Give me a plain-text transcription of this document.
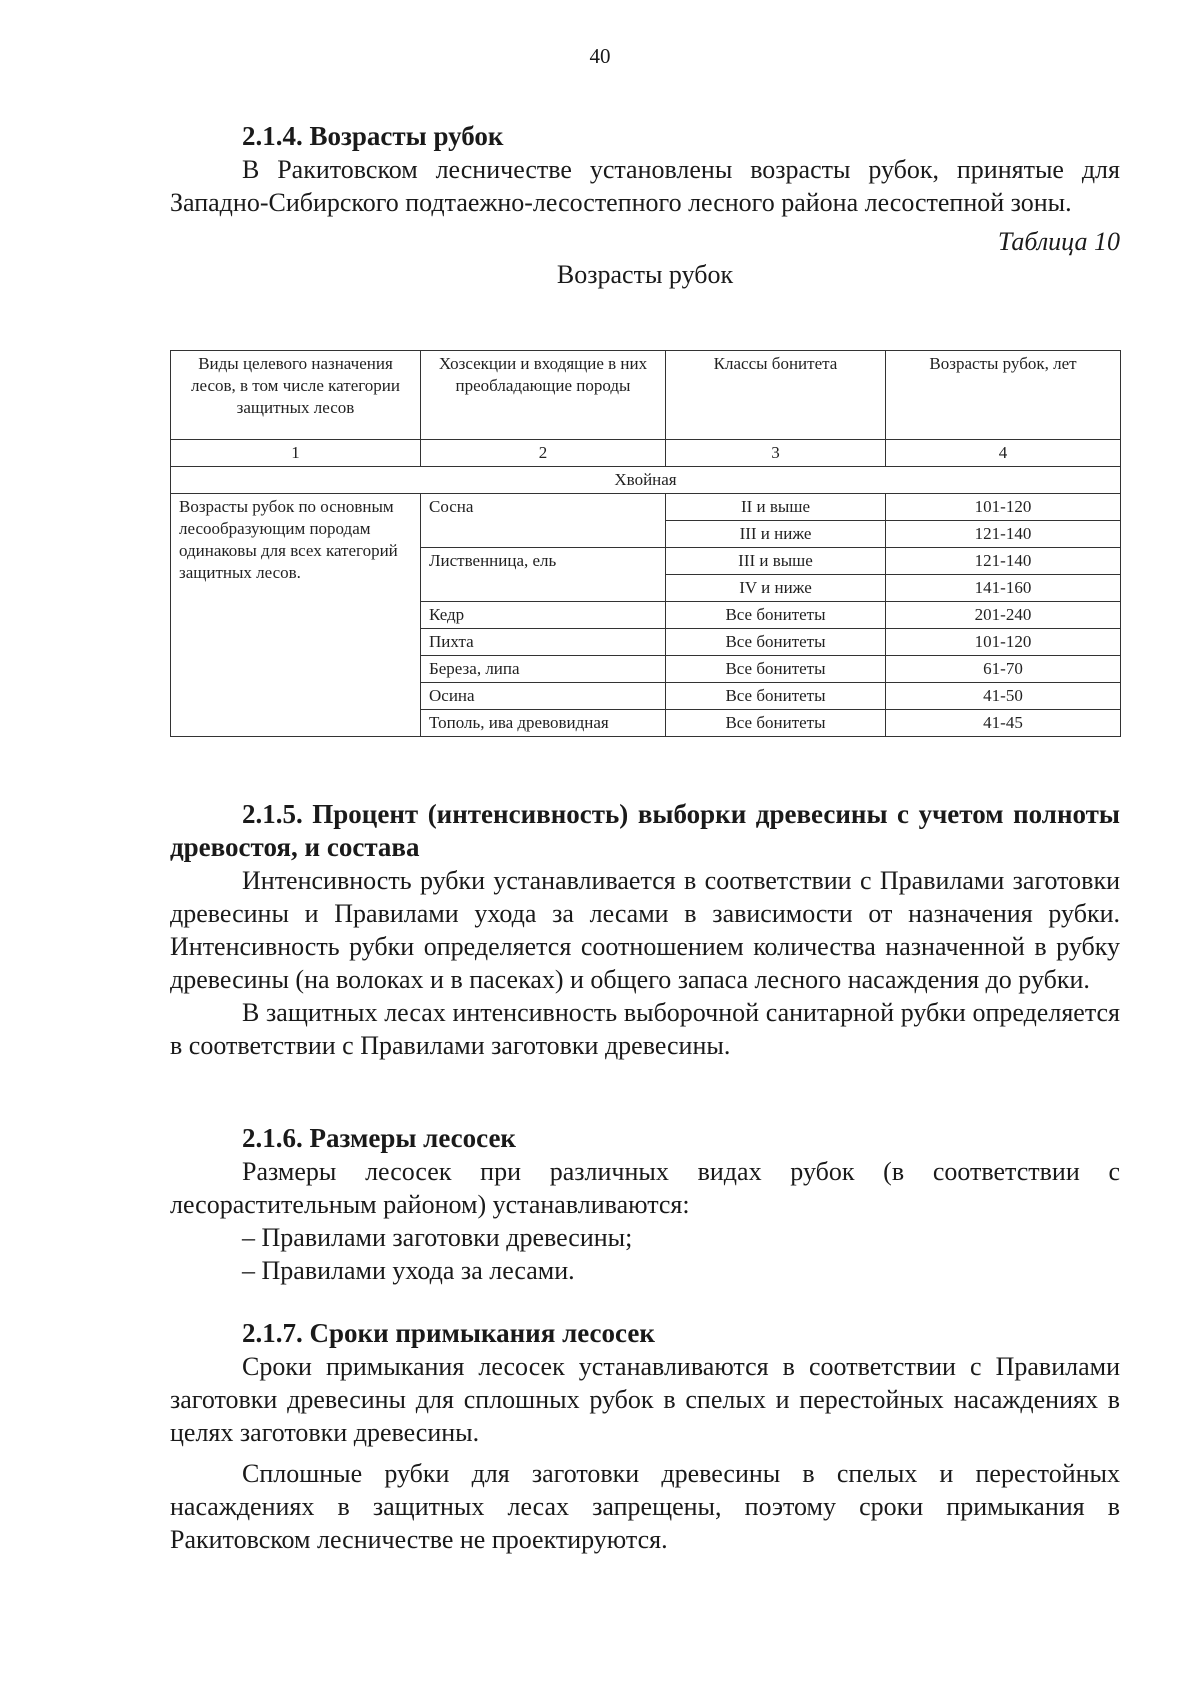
40

2.1.4. Возрасты рубок

В Ракитовском лесничестве установлены возрасты рубок, принятые для Западно-Сибирского подтаежно-лесостепного лесного района лесостепной зоны.

Таблица 10

Возрасты рубок

Виды целевого назначения лесов, в том числе категории защитных лесов	Хозсекции и входящие в них преобладающие породы	Классы бонитета	Возрасты рубок, лет
1	2	3	4
Хвойная			
Возрасты рубок по основным лесообразующим породам одинаковы для всех категорий защитных лесов.	Сосна	II и выше	101-120
		III и ниже	121-140
	Лиственница, ель	III и выше	121-140
		IV и ниже	141-160
	Кедр	Все бонитеты	201-240
	Пихта	Все бонитеты	101-120
	Береза, липа	Все бонитеты	61-70
	Осина	Все бонитеты	41-50
	Тополь, ива древовидная	Все бонитеты	41-45

2.1.5. Процент (интенсивность) выборки древесины с учетом полноты древостоя, и состава

Интенсивность рубки устанавливается в соответствии с Правилами заготовки древесины и Правилами ухода за лесами в зависимости от назначения рубки. Интенсивность рубки определяется соотношением количества назначенной в рубку древесины (на волоках и в пасеках) и общего запаса лесного насаждения до рубки.

В защитных лесах интенсивность выборочной санитарной рубки определяется в соответствии с Правилами заготовки древесины.

2.1.6. Размеры лесосек

Размеры лесосек при различных видах рубок (в соответствии с лесорастительным районом) устанавливаются:

– Правилами заготовки древесины;

– Правилами ухода за лесами.

2.1.7. Сроки примыкания лесосек

Сроки примыкания лесосек устанавливаются в соответствии с Правилами заготовки древесины для сплошных рубок в спелых и перестойных насаждениях в целях заготовки древесины.

Сплошные рубки для заготовки древесины в спелых и перестойных насаждениях в защитных лесах запрещены, поэтому сроки примыкания в Ракитовском лесничестве не проектируются.
